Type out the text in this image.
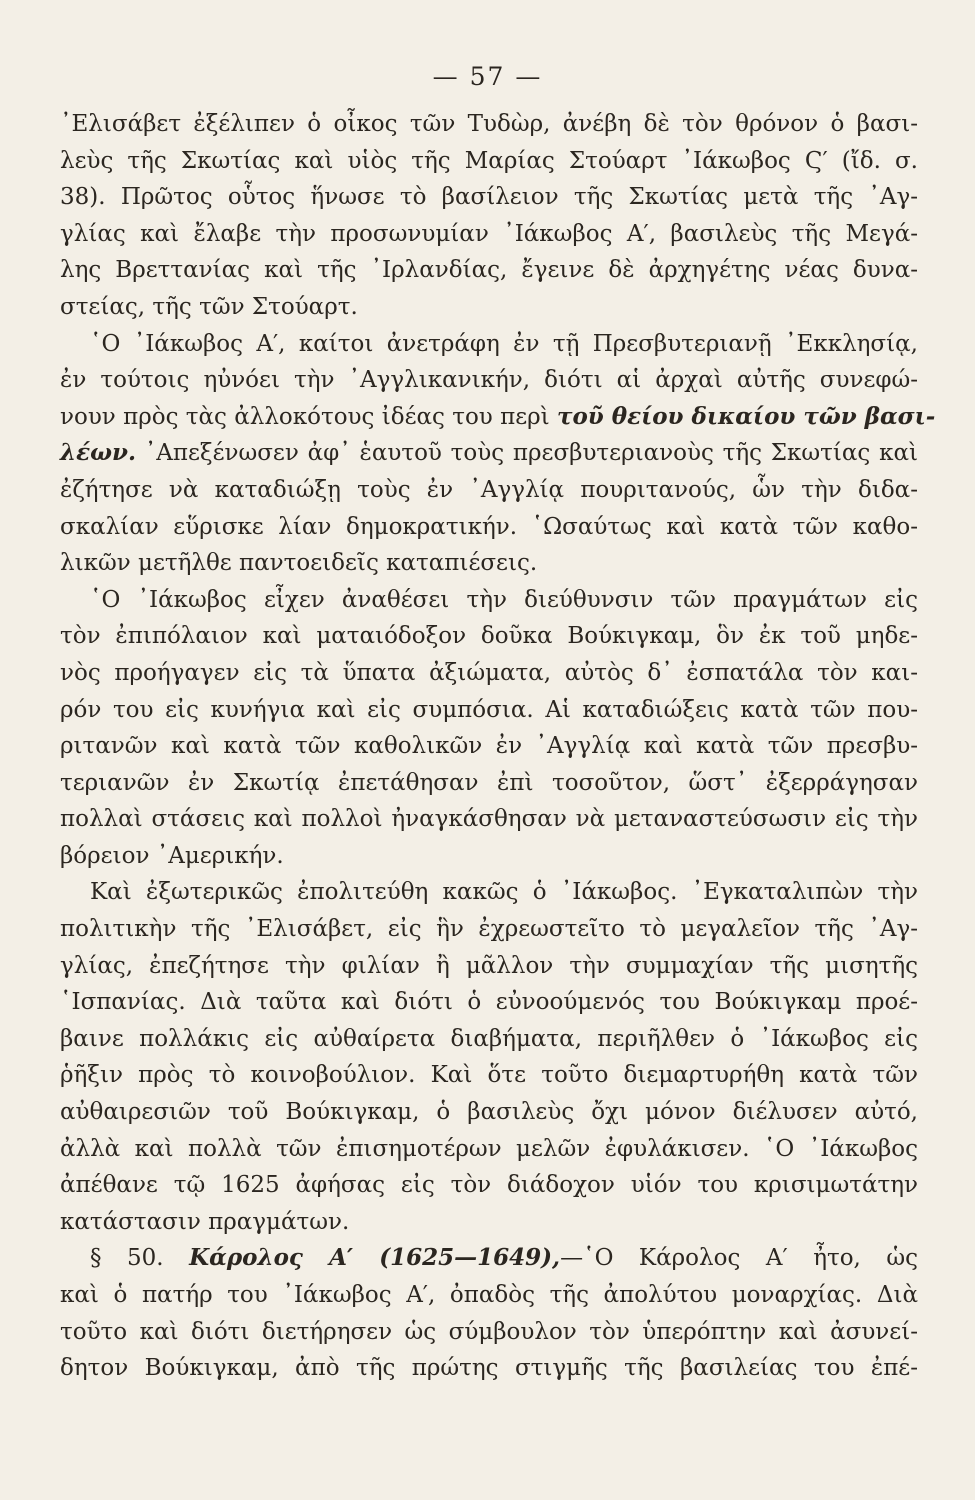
— 57 —
᾿Ελισάβετ ἐξέλιπεν ὁ οἶκος τῶν Τυδὼρ, ἀνέβη δὲ τὸν θρόνον ὁ βασι-
λεὺς τῆς Σκωτίας καὶ υἱὸς τῆς Μαρίας Στούαρτ ᾿Ιάκωβος Ϛ′ (ἴδ. σ.
38). Πρῶτος οὗτος ἥνωσε τὸ βασίλειον τῆς Σκωτίας μετὰ τῆς ᾿Αγ-
γλίας καὶ ἔλαβε τὴν προσωνυμίαν ᾿Ιάκωβος Α′, βασιλεὺς τῆς Μεγά-
λης Βρεττανίας καὶ τῆς ᾿Ιρλανδίας, ἔγεινε δὲ ἀρχηγέτης νέας δυνα-
στείας, τῆς τῶν Στούαρτ.
῾Ο ᾿Ιάκωβος Α′, καίτοι ἀνετράφη ἐν τῇ Πρεσβυτεριανῇ ᾿Εκκλησίᾳ,
ἐν τούτοις ηὐνόει τὴν ᾿Αγγλικανικήν, διότι αἱ ἀρχαὶ αὐτῆς συνεφώ-
νουν πρὸς τὰς ἀλλοκότους ἰδέας του περὶ τοῦ θείου δικαίου τῶν βασι-
λέων. ᾿Απεξένωσεν ἀφ᾿ ἑαυτοῦ τοὺς πρεσβυτεριανοὺς τῆς Σκωτίας καὶ
ἐζήτησε νὰ καταδιώξῃ τοὺς ἐν ᾿Αγγλίᾳ πουριτανούς, ὧν τὴν διδα-
σκαλίαν εὕρισκε λίαν δημοκρατικήν. ῾Ωσαύτως καὶ κατὰ τῶν καθο-
λικῶν μετῆλθε παντοειδεῖς καταπιέσεις.
῾Ο ᾿Ιάκωβος εἶχεν ἀναθέσει τὴν διεύθυνσιν τῶν πραγμάτων εἰς
τὸν ἐπιπόλαιον καὶ ματαιόδοξον δοῦκα Βούκιγκαμ, ὃν ἐκ τοῦ μηδε-
νὸς προήγαγεν εἰς τὰ ὕπατα ἀξιώματα, αὐτὸς δ᾿ ἐσπατάλα τὸν και-
ρόν του εἰς κυνήγια καὶ εἰς συμπόσια. Αἱ καταδιώξεις κατὰ τῶν που-
ριτανῶν καὶ κατὰ τῶν καθολικῶν ἐν ᾿Αγγλίᾳ καὶ κατὰ τῶν πρεσβυ-
τεριανῶν ἐν Σκωτίᾳ ἐπετάθησαν ἐπὶ τοσοῦτον, ὥστ᾿ ἐξερράγησαν
πολλαὶ στάσεις καὶ πολλοὶ ἠναγκάσθησαν νὰ μεταναστεύσωσιν εἰς τὴν
βόρειον ᾿Αμερικήν.
Καὶ ἐξωτερικῶς ἐπολιτεύθη κακῶς ὁ ᾿Ιάκωβος. ᾿Εγκαταλιπὼν τὴν
πολιτικὴν τῆς ᾿Ελισάβετ, εἰς ἣν ἐχρεωστεῖτο τὸ μεγαλεῖον τῆς ᾿Αγ-
γλίας, ἐπεζήτησε τὴν φιλίαν ἢ μᾶλλον τὴν συμμαχίαν τῆς μισητῆς
῾Ισπανίας. Διὰ ταῦτα καὶ διότι ὁ εὐνοούμενός του Βούκιγκαμ προέ-
βαινε πολλάκις εἰς αὐθαίρετα διαβήματα, περιῆλθεν ὁ ᾿Ιάκωβος εἰς
ῥῆξιν πρὸς τὸ κοινοβούλιον. Καὶ ὅτε τοῦτο διεμαρτυρήθη κατὰ τῶν
αὐθαιρεσιῶν τοῦ Βούκιγκαμ, ὁ βασιλεὺς ὄχι μόνον διέλυσεν αὐτό,
ἀλλὰ καὶ πολλὰ τῶν ἐπισημοτέρων μελῶν ἐφυλάκισεν. ῾Ο ᾿Ιάκωβος
ἀπέθανε τῷ 1625 ἀφήσας εἰς τὸν διάδοχον υἱόν του κρισιμωτάτην
κατάστασιν πραγμάτων.
§ 50. Κάρολος Α′ (1625—1649),—῾Ο Κάρολος Α′ ἦτο, ὡς
καὶ ὁ πατήρ του ᾿Ιάκωβος Α′, ὀπαδὸς τῆς ἀπολύτου μοναρχίας. Διὰ
τοῦτο καὶ διότι διετήρησεν ὡς σύμβουλον τὸν ὑπερόπτην καὶ ἀσυνεί-
δητον Βούκιγκαμ, ἀπὸ τῆς πρώτης στιγμῆς τῆς βασιλείας του ἐπέ-
